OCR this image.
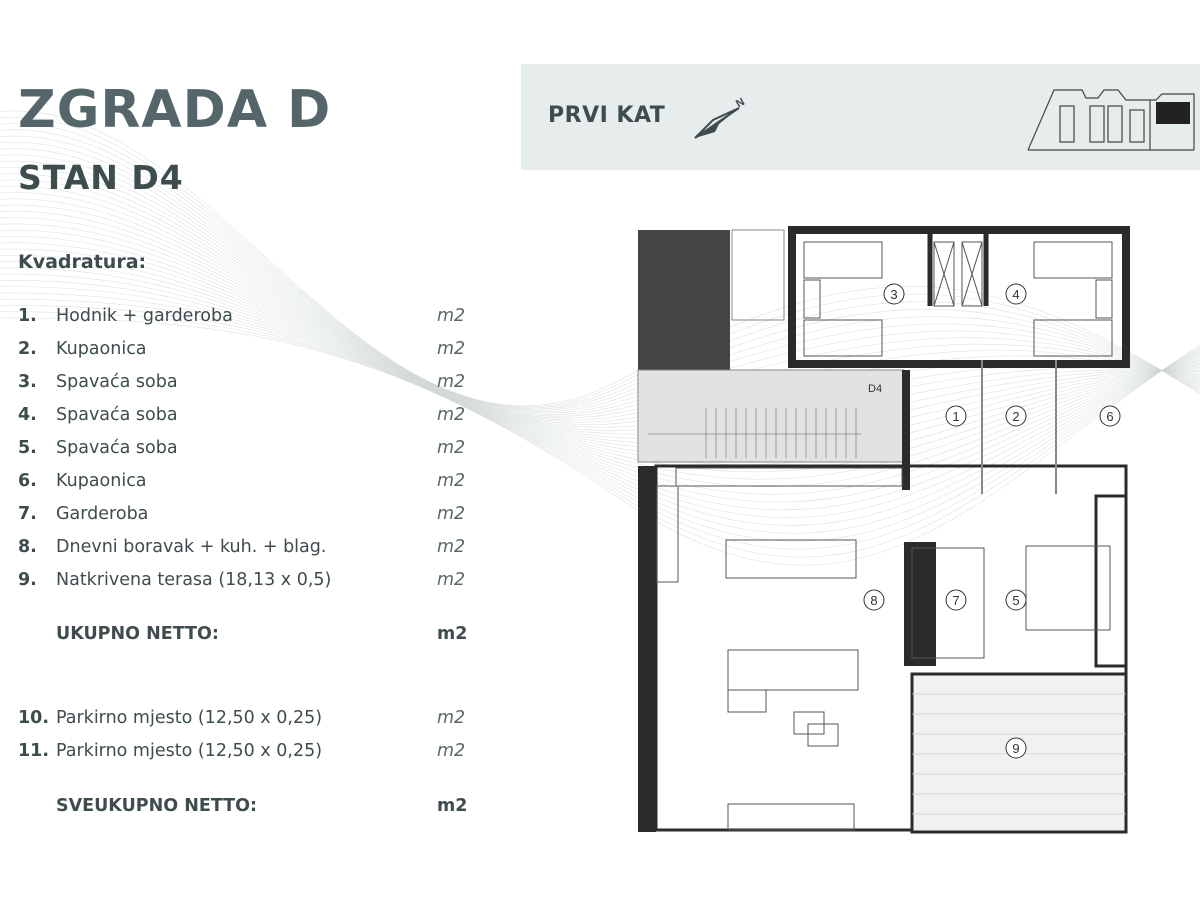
ZGRADA D
STAN D4
Kvadratura:
1. Hodnik + garderoba	m2
2. Kupaonica	m2
3. Spavaća soba	m2
4. Spavaća soba	m2
5. Spavaća soba	m2
6. Kupaonica	m2
7. Garderoba	m2
8. Dnevni boravak + kuh. + blag.	m2
9. Natkrivena terasa (18,13 x 0,5)	m2
UKUPNO NETTO:	m2
10. Parkirno mjesto (12,50 x 0,25)	m2
11. Parkirno mjesto (12,50 x 0,25)	m2
SVEUKUPNO NETTO:	m2
PRVI KAT	N
1	2
3	4
5
6
7
8
9
D4
